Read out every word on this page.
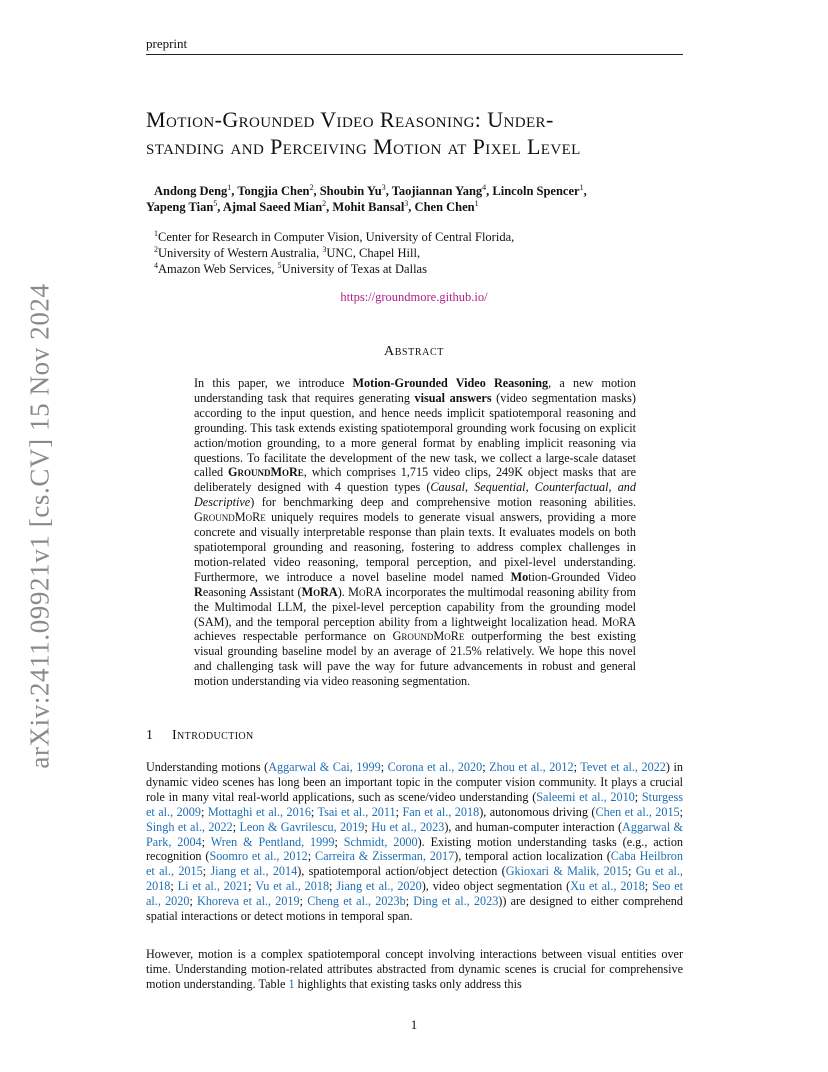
preprint
arXiv:2411.09921v1 [cs.CV] 15 Nov 2024
Motion-Grounded Video Reasoning: Under-
standing and Perceiving Motion at Pixel Level
Andong Deng$^1$, Tongjia Chen$^2$, Shoubin Yu$^3$, Taojiannan Yang$^4$, Lincoln Spencer$^1$,
Yapeng Tian$^5$, Ajmal Saeed Mian$^2$, Mohit Bansal$^3$, Chen Chen$^1$
$^1$Center for Research in Computer Vision, University of Central Florida,
$^2$University of Western Australia, $^3$UNC, Chapel Hill,
$^4$Amazon Web Services, $^5$University of Texas at Dallas
https://groundmore.github.io/
Abstract

In this paper, we introduce Motion-Grounded Video Reasoning, a new motion understanding task that requires generating visual answers (video segmentation masks) according to the input question, and hence needs implicit spatiotemporal reasoning and grounding. This task extends existing spatiotemporal grounding work focusing on explicit action/motion grounding, to a more general format by enabling implicit reasoning via questions. To facilitate the development of the new task, we collect a large-scale dataset called GroundMoRe, which comprises 1,715 video clips, 249K object masks that are deliberately designed with 4 question types (Causal, Sequential, Counterfactual, and Descriptive) for benchmarking deep and comprehensive motion reasoning abilities. GroundMoRe uniquely requires models to generate visual answers, providing a more concrete and visually interpretable response than plain texts. It evaluates models on both spatiotemporal grounding and reasoning, fostering to address complex challenges in motion-related video reasoning, temporal perception, and pixel-level understanding. Furthermore, we introduce a novel baseline model named Motion-Grounded Video Reasoning Assistant (MoRA). MoRA incorporates the multimodal reasoning ability from the Multimodal LLM, the pixel-level perception capability from the grounding model (SAM), and the temporal perception ability from a lightweight localization head. MoRA achieves respectable performance on GroundMoRe outperforming the best existing visual grounding baseline model by an average of 21.5% relatively. We hope this novel and challenging task will pave the way for future advancements in robust and general motion understanding via video reasoning segmentation.

1 Introduction

Understanding motions (Aggarwal & Cai, 1999; Corona et al., 2020; Zhou et al., 2012; Tevet et al., 2022) in dynamic video scenes has long been an important topic in the computer vision community. It plays a crucial role in many vital real-world applications, such as scene/video understanding (Saleemi et al., 2010; Sturgess et al., 2009; Mottaghi et al., 2016; Tsai et al., 2011; Fan et al., 2018), autonomous driving (Chen et al., 2015; Singh et al., 2022; Leon & Gavrilescu, 2019; Hu et al., 2023), and human-computer interaction (Aggarwal & Park, 2004; Wren & Pentland, 1999; Schmidt, 2000). Existing motion understanding tasks (e.g., action recognition (Soomro et al., 2012; Carreira & Zisserman, 2017), temporal action localization (Caba Heilbron et al., 2015; Jiang et al., 2014), spatiotemporal action/object detection (Gkioxari & Malik, 2015; Gu et al., 2018; Li et al., 2021; Vu et al., 2018; Jiang et al., 2020), video object segmentation (Xu et al., 2018; Seo et al., 2020; Khoreva et al., 2019; Cheng et al., 2023b; Ding et al., 2023)) are designed to either comprehend spatial interactions or detect motions in temporal span.

However, motion is a complex spatiotemporal concept involving interactions between visual entities over time. Understanding motion-related attributes abstracted from dynamic scenes is crucial for comprehensive motion understanding. Table 1 highlights that existing tasks only address this

1
